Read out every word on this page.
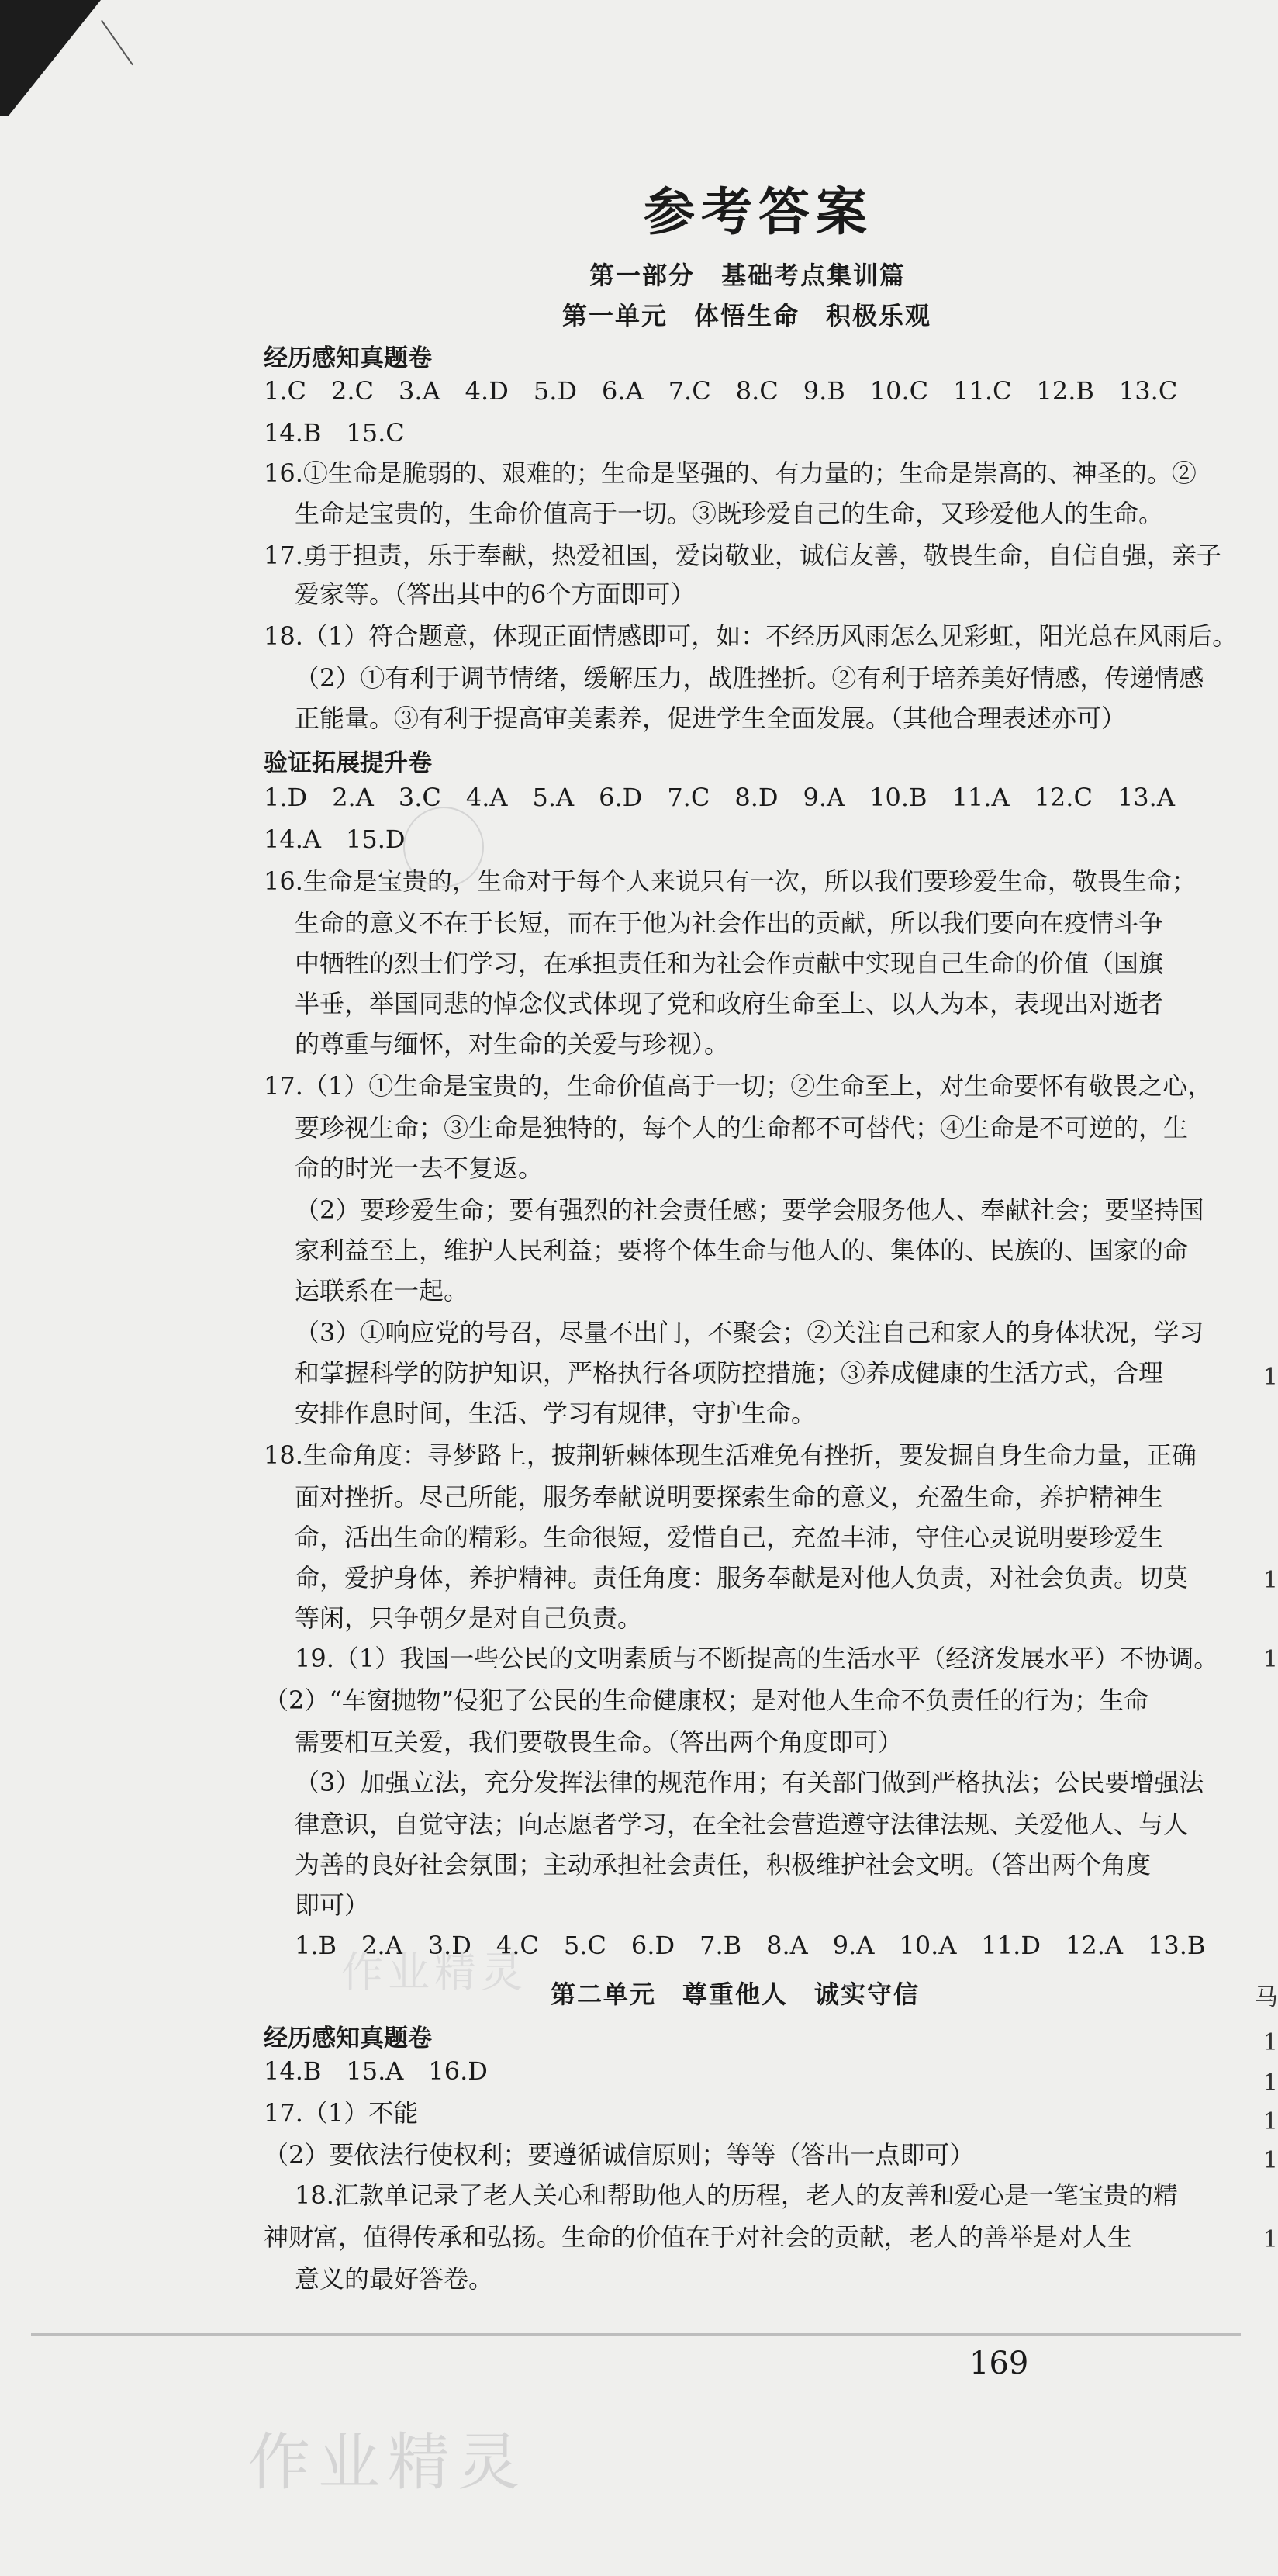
参考答案
第一部分　基础考点集训篇
第一单元　体悟生命　积极乐观
经历感知真题卷
1.C　2.C　3.A　4.D　5.D　6.A　7.C　8.C　9.B　10.C　11.C　12.B　13.C
14.B　15.C
16.①生命是脆弱的、艰难的；生命是坚强的、有力量的；生命是崇高的、神圣的。②
生命是宝贵的，生命价值高于一切。③既珍爱自己的生命，又珍爱他人的生命。
17.勇于担责，乐于奉献，热爱祖国，爱岗敬业，诚信友善，敬畏生命，自信自强，亲子
爱家等。（答出其中的6个方面即可）
18.（1）符合题意，体现正面情感即可，如：不经历风雨怎么见彩虹，阳光总在风雨后。
（2）①有利于调节情绪，缓解压力，战胜挫折。②有利于培养美好情感，传递情感
正能量。③有利于提高审美素养，促进学生全面发展。（其他合理表述亦可）
验证拓展提升卷
1.D　2.A　3.C　4.A　5.A　6.D　7.C　8.D　9.A　10.B　11.A　12.C　13.A
14.A　15.D
16.生命是宝贵的，生命对于每个人来说只有一次，所以我们要珍爱生命，敬畏生命；
生命的意义不在于长短，而在于他为社会作出的贡献，所以我们要向在疫情斗争
中牺牲的烈士们学习，在承担责任和为社会作贡献中实现自己生命的价值（国旗
半垂，举国同悲的悼念仪式体现了党和政府生命至上、以人为本，表现出对逝者
的尊重与缅怀，对生命的关爱与珍视）。
17.（1）①生命是宝贵的，生命价值高于一切；②生命至上，对生命要怀有敬畏之心，
要珍视生命；③生命是独特的，每个人的生命都不可替代；④生命是不可逆的，生
命的时光一去不复返。
（2）要珍爱生命；要有强烈的社会责任感；要学会服务他人、奉献社会；要坚持国
家利益至上，维护人民利益；要将个体生命与他人的、集体的、民族的、国家的命
运联系在一起。
（3）①响应党的号召，尽量不出门，不聚会；②关注自己和家人的身体状况，学习
和掌握科学的防护知识，严格执行各项防控措施；③养成健康的生活方式，合理
安排作息时间，生活、学习有规律，守护生命。
18.生命角度：寻梦路上，披荆斩棘体现生活难免有挫折，要发掘自身生命力量，正确
面对挫折。尽己所能，服务奉献说明要探索生命的意义，充盈生命，养护精神生
命，活出生命的精彩。生命很短，爱惜自己，充盈丰沛，守住心灵说明要珍爱生
命，爱护身体，养护精神。责任角度：服务奉献是对他人负责，对社会负责。切莫
等闲，只争朝夕是对自己负责。
19.（1）我国一些公民的文明素质与不断提高的生活水平（经济发展水平）不协调。
（2）“车窗抛物”侵犯了公民的生命健康权；是对他人生命不负责任的行为；生命
需要相互关爱，我们要敬畏生命。（答出两个角度即可）
（3）加强立法，充分发挥法律的规范作用；有关部门做到严格执法；公民要增强法
律意识，自觉守法；向志愿者学习，在全社会营造遵守法律法规、关爱他人、与人
为善的良好社会氛围；主动承担社会责任，积极维护社会文明。（答出两个角度
即可）
1.B　2.A　3.D　4.C　5.C　6.D　7.B　8.A　9.A　10.A　11.D　12.A　13.B
第二单元　尊重他人　诚实守信
经历感知真题卷
14.B　15.A　16.D
17.（1）不能
（2）要依法行使权利；要遵循诚信原则；等等（答出一点即可）
18.汇款单记录了老人关心和帮助他人的历程，老人的友善和爱心是一笔宝贵的精
神财富，值得传承和弘扬。生命的价值在于对社会的贡献，老人的善举是对人生
意义的最好答卷。
169
作业精灵
作业精灵
1
1
1
马
1
1
1
1
1
